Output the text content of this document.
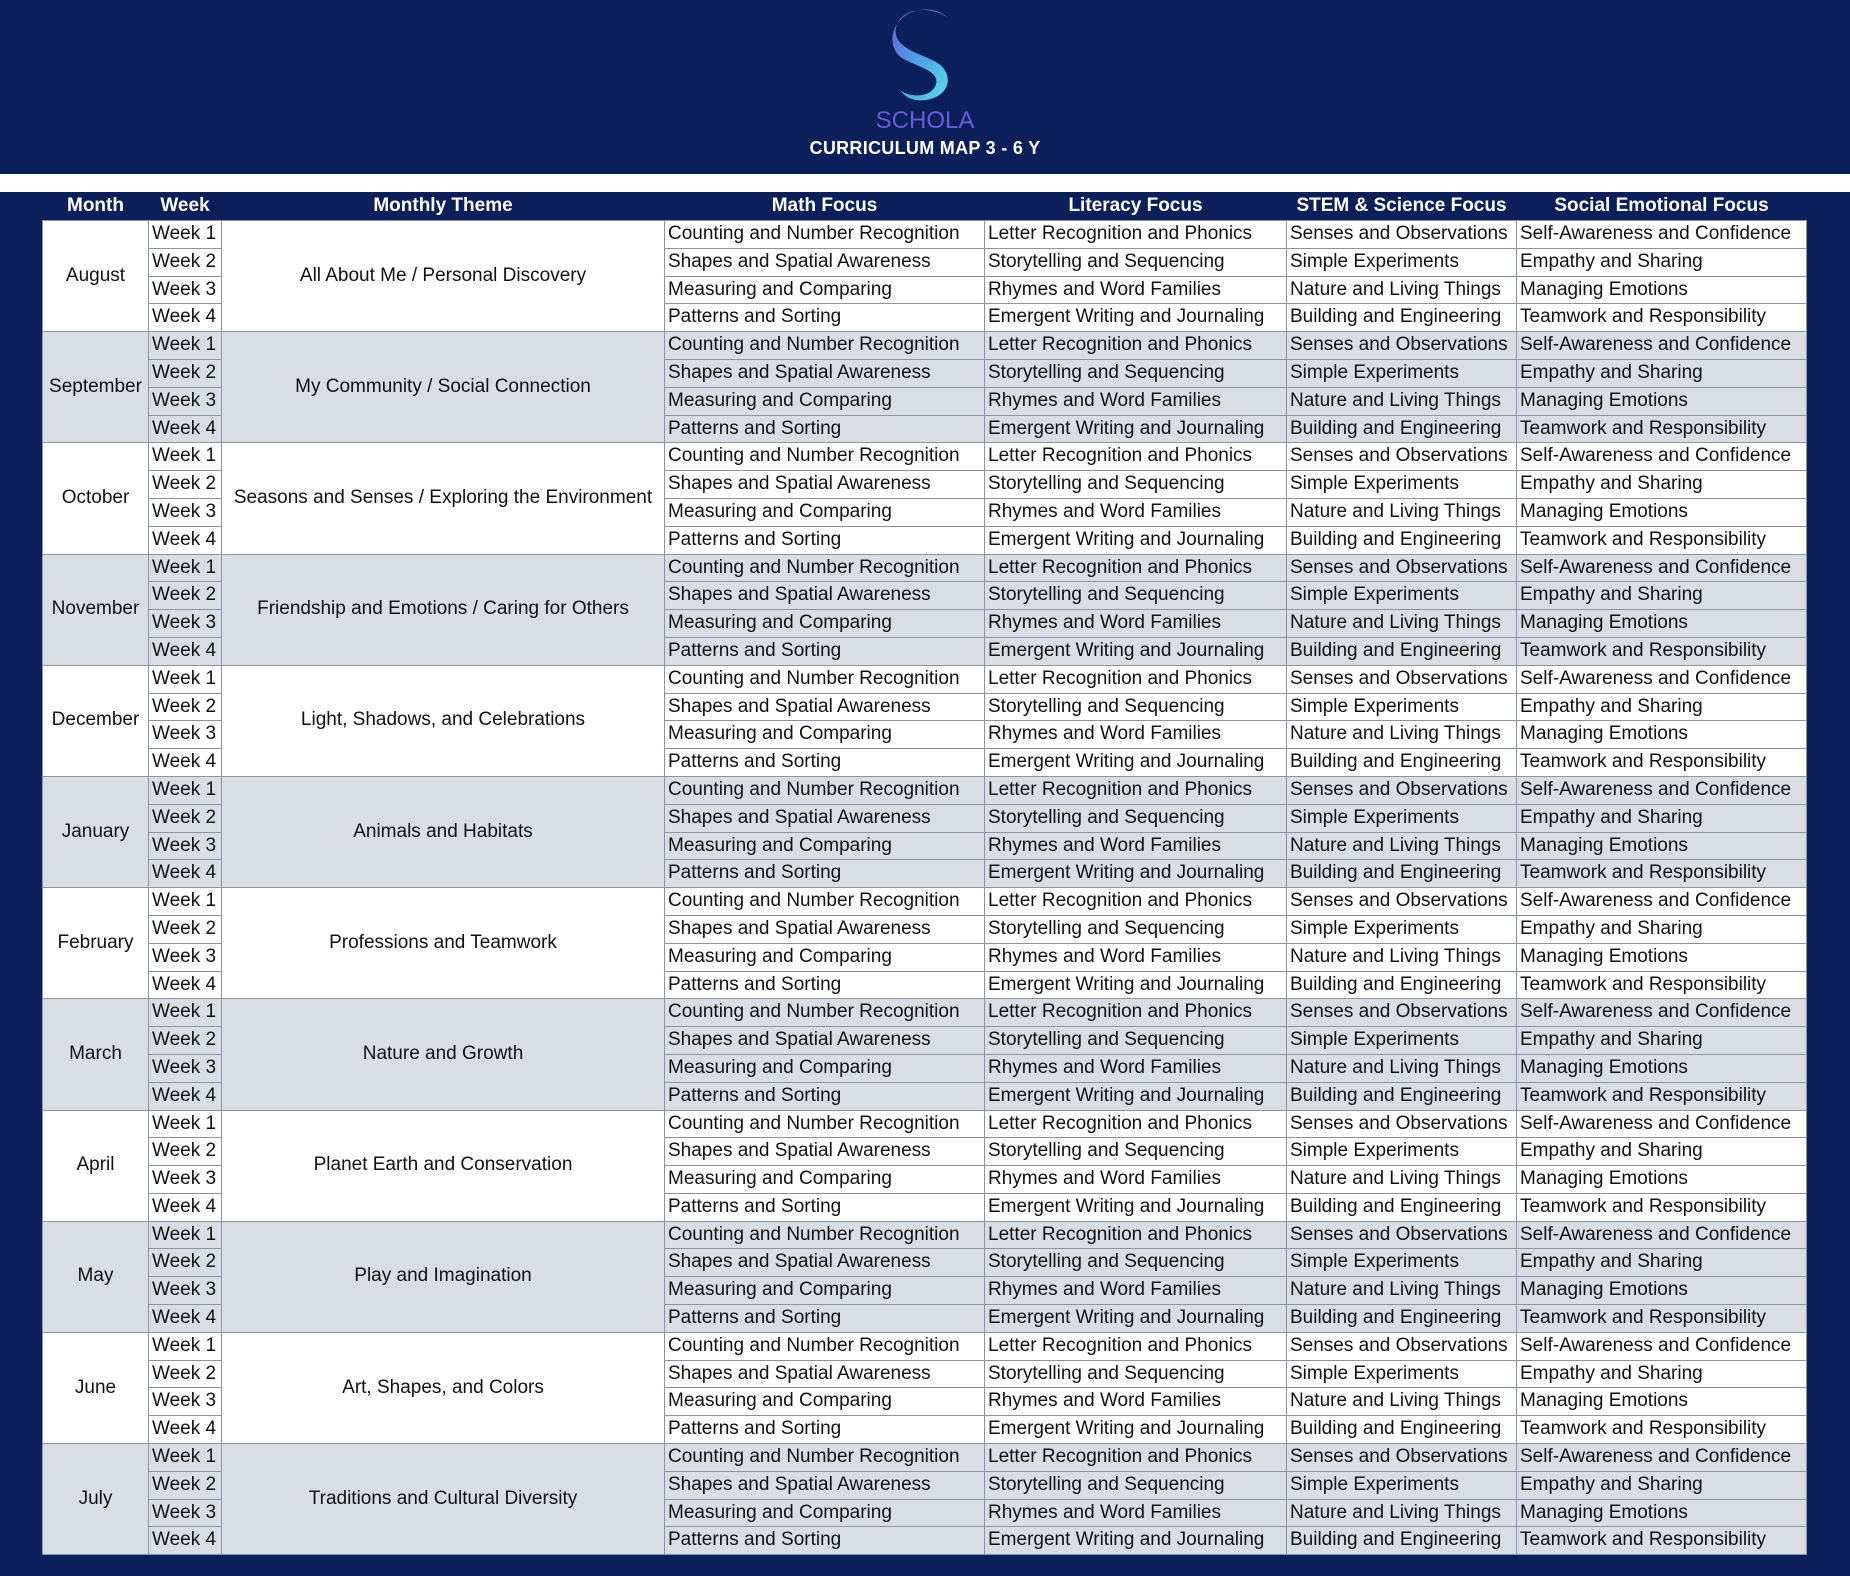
SCHOLA
CURRICULUM MAP 3 - 6 Y
Month	Week	Monthly Theme	Math Focus	Literacy Focus	STEM & Science Focus	Social Emotional Focus
August	Week 1	All About Me / Personal Discovery	Counting and Number Recognition	Letter Recognition and Phonics	Senses and Observations	Self-Awareness and Confidence
	Week 2		Shapes and Spatial Awareness	Storytelling and Sequencing	Simple Experiments	Empathy and Sharing
	Week 3		Measuring and Comparing	Rhymes and Word Families	Nature and Living Things	Managing Emotions
	Week 4		Patterns and Sorting	Emergent Writing and Journaling	Building and Engineering	Teamwork and Responsibility
September	Week 1	My Community / Social Connection	Counting and Number Recognition	Letter Recognition and Phonics	Senses and Observations	Self-Awareness and Confidence
	Week 2		Shapes and Spatial Awareness	Storytelling and Sequencing	Simple Experiments	Empathy and Sharing
	Week 3		Measuring and Comparing	Rhymes and Word Families	Nature and Living Things	Managing Emotions
	Week 4		Patterns and Sorting	Emergent Writing and Journaling	Building and Engineering	Teamwork and Responsibility
October	Week 1	Seasons and Senses / Exploring the Environment	Counting and Number Recognition	Letter Recognition and Phonics	Senses and Observations	Self-Awareness and Confidence
	Week 2		Shapes and Spatial Awareness	Storytelling and Sequencing	Simple Experiments	Empathy and Sharing
	Week 3		Measuring and Comparing	Rhymes and Word Families	Nature and Living Things	Managing Emotions
	Week 4		Patterns and Sorting	Emergent Writing and Journaling	Building and Engineering	Teamwork and Responsibility
November	Week 1	Friendship and Emotions / Caring for Others	Counting and Number Recognition	Letter Recognition and Phonics	Senses and Observations	Self-Awareness and Confidence
	Week 2		Shapes and Spatial Awareness	Storytelling and Sequencing	Simple Experiments	Empathy and Sharing
	Week 3		Measuring and Comparing	Rhymes and Word Families	Nature and Living Things	Managing Emotions
	Week 4		Patterns and Sorting	Emergent Writing and Journaling	Building and Engineering	Teamwork and Responsibility
December	Week 1	Light, Shadows, and Celebrations	Counting and Number Recognition	Letter Recognition and Phonics	Senses and Observations	Self-Awareness and Confidence
	Week 2		Shapes and Spatial Awareness	Storytelling and Sequencing	Simple Experiments	Empathy and Sharing
	Week 3		Measuring and Comparing	Rhymes and Word Families	Nature and Living Things	Managing Emotions
	Week 4		Patterns and Sorting	Emergent Writing and Journaling	Building and Engineering	Teamwork and Responsibility
January	Week 1	Animals and Habitats	Counting and Number Recognition	Letter Recognition and Phonics	Senses and Observations	Self-Awareness and Confidence
	Week 2		Shapes and Spatial Awareness	Storytelling and Sequencing	Simple Experiments	Empathy and Sharing
	Week 3		Measuring and Comparing	Rhymes and Word Families	Nature and Living Things	Managing Emotions
	Week 4		Patterns and Sorting	Emergent Writing and Journaling	Building and Engineering	Teamwork and Responsibility
February	Week 1	Professions and Teamwork	Counting and Number Recognition	Letter Recognition and Phonics	Senses and Observations	Self-Awareness and Confidence
	Week 2		Shapes and Spatial Awareness	Storytelling and Sequencing	Simple Experiments	Empathy and Sharing
	Week 3		Measuring and Comparing	Rhymes and Word Families	Nature and Living Things	Managing Emotions
	Week 4		Patterns and Sorting	Emergent Writing and Journaling	Building and Engineering	Teamwork and Responsibility
March	Week 1	Nature and Growth	Counting and Number Recognition	Letter Recognition and Phonics	Senses and Observations	Self-Awareness and Confidence
	Week 2		Shapes and Spatial Awareness	Storytelling and Sequencing	Simple Experiments	Empathy and Sharing
	Week 3		Measuring and Comparing	Rhymes and Word Families	Nature and Living Things	Managing Emotions
	Week 4		Patterns and Sorting	Emergent Writing and Journaling	Building and Engineering	Teamwork and Responsibility
April	Week 1	Planet Earth and Conservation	Counting and Number Recognition	Letter Recognition and Phonics	Senses and Observations	Self-Awareness and Confidence
	Week 2		Shapes and Spatial Awareness	Storytelling and Sequencing	Simple Experiments	Empathy and Sharing
	Week 3		Measuring and Comparing	Rhymes and Word Families	Nature and Living Things	Managing Emotions
	Week 4		Patterns and Sorting	Emergent Writing and Journaling	Building and Engineering	Teamwork and Responsibility
May	Week 1	Play and Imagination	Counting and Number Recognition	Letter Recognition and Phonics	Senses and Observations	Self-Awareness and Confidence
	Week 2		Shapes and Spatial Awareness	Storytelling and Sequencing	Simple Experiments	Empathy and Sharing
	Week 3		Measuring and Comparing	Rhymes and Word Families	Nature and Living Things	Managing Emotions
	Week 4		Patterns and Sorting	Emergent Writing and Journaling	Building and Engineering	Teamwork and Responsibility
June	Week 1	Art, Shapes, and Colors	Counting and Number Recognition	Letter Recognition and Phonics	Senses and Observations	Self-Awareness and Confidence
	Week 2		Shapes and Spatial Awareness	Storytelling and Sequencing	Simple Experiments	Empathy and Sharing
	Week 3		Measuring and Comparing	Rhymes and Word Families	Nature and Living Things	Managing Emotions
	Week 4		Patterns and Sorting	Emergent Writing and Journaling	Building and Engineering	Teamwork and Responsibility
July	Week 1	Traditions and Cultural Diversity	Counting and Number Recognition	Letter Recognition and Phonics	Senses and Observations	Self-Awareness and Confidence
	Week 2		Shapes and Spatial Awareness	Storytelling and Sequencing	Simple Experiments	Empathy and Sharing
	Week 3		Measuring and Comparing	Rhymes and Word Families	Nature and Living Things	Managing Emotions
	Week 4		Patterns and Sorting	Emergent Writing and Journaling	Building and Engineering	Teamwork and Responsibility
